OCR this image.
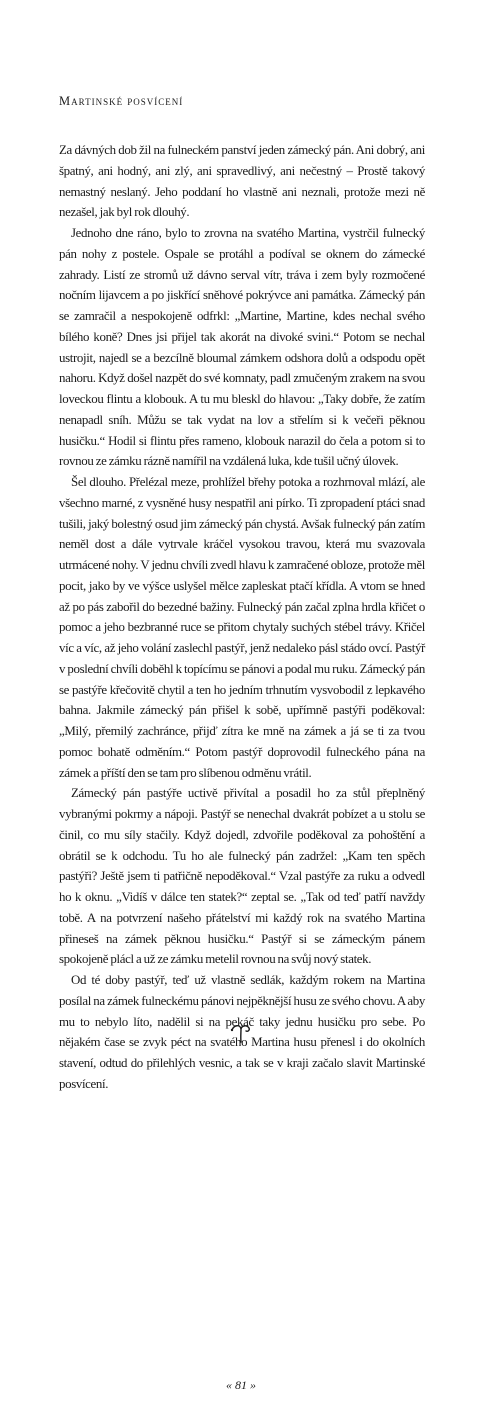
Martinské posvícení

Za dávných dob žil na fulneckém panství jeden zámecký pán. Ani dobrý, ani špatný, ani hodný, ani zlý, ani spravedlivý, ani nečestný – Prostě takový nemastný neslaný. Jeho poddaní ho vlastně ani neznali, protože mezi ně nezašel, jak byl rok dlouhý.

Jednoho dne ráno, bylo to zrovna na svatého Martina, vystrčil fulnecký pán nohy z postele. Ospale se protáhl a podíval se oknem do zámecké zahrady. Listí ze stromů už dávno serval vítr, tráva i zem byly rozmočené nočním lijavcem a po jiskřící sněhové pokrývce ani památka. Zámecký pán se zamračil a nespokojeně odfrkl: „Martine, Martine, kdes nechal svého bílého koně? Dnes jsi přijel tak akorát na divoké svini.“ Potom se nechal ustrojit, najedl se a bezcílně bloumal zámkem odshora dolů a odspodu opět nahoru. Když došel nazpět do své komnaty, padl zmučeným zrakem na svou loveckou flintu a klobouk. A tu mu bleskl do hlavou: „Taky dobře, že zatím nenapadl sníh. Můžu se tak vydat na lov a střelím si k večeři pěknou husičku.“ Hodil si flintu přes rameno, klobouk narazil do čela a potom si to rovnou ze zámku rázně namířil na vzdálená luka, kde tušil učný úlovek.

Šel dlouho. Přelézal meze, prohlížel břehy potoka a rozhrnoval mlází, ale všechno marné, z vysněné husy nespatřil ani pírko. Ti zpropadení ptáci snad tušili, jaký bolestný osud jim zámecký pán chystá. Avšak fulnecký pán zatím neměl dost a dále vytrvale kráčel vysokou travou, která mu svazovala utrmácené nohy. V jednu chvíli zvedl hlavu k zamračené obloze, protože měl pocit, jako by ve výšce uslyšel mělce zapleskat ptačí křídla. A vtom se hned až po pás zabořil do bezedné bažiny. Fulnecký pán začal zplna hrdla křičet o pomoc a jeho bezbranné ruce se přitom chytaly suchých stébel trávy. Křičel víc a víc, až jeho volání zaslechl pastýř, jenž nedaleko pásl stádo ovcí. Pastýř v poslední chvíli doběhl k topícímu se pánovi a podal mu ruku. Zámecký pán se pastýře křečovitě chytil a ten ho jedním trhnutím vysvobodil z lepkavého bahna. Jakmile zámecký pán přišel k sobě, upřímně pastýři poděkoval: „Milý, přemilý zachránce, přijď zítra ke mně na zámek a já se ti za tvou pomoc bohatě odměním.“ Potom pastýř doprovodil fulneckého pána na zámek a příští den se tam pro slíbenou odměnu vrátil.

Zámecký pán pastýře uctivě přivítal a posadil ho za stůl přeplněný vybranými pokrmy a nápoji. Pastýř se nenechal dvakrát pobízet a u stolu se činil, co mu síly stačily. Když dojedl, zdvořile poděkoval za pohoštění a obrátil se k odchodu. Tu ho ale fulnecký pán zadržel: „Kam ten spěch pastýři? Ještě jsem ti patřičně nepoděkoval.“ Vzal pastýře za ruku a odvedl ho k oknu. „Vidíš v dálce ten statek?“ zeptal se. „Tak od teď patří navždy tobě. A na potvrzení našeho přátelství mi každý rok na svatého Martina přineseš na zámek pěknou husičku.“ Pastýř si se zámeckým pánem spokojeně plácl a už ze zámku metelil rovnou na svůj nový statek.

Od té doby pastýř, teď už vlastně sedlák, každým rokem na Martina posílal na zámek fulneckému pánovi nejpěknější husu ze svého chovu. A aby mu to nebylo líto, nadělil si na pekáč taky jednu husičku pro sebe. Po nějakém čase se zvyk péct na svatého Martina husu přenesl i do okolních stavení, odtud do přilehlých vesnic, a tak se v kraji začalo slavit Martinské posvícení.

« 81 »
